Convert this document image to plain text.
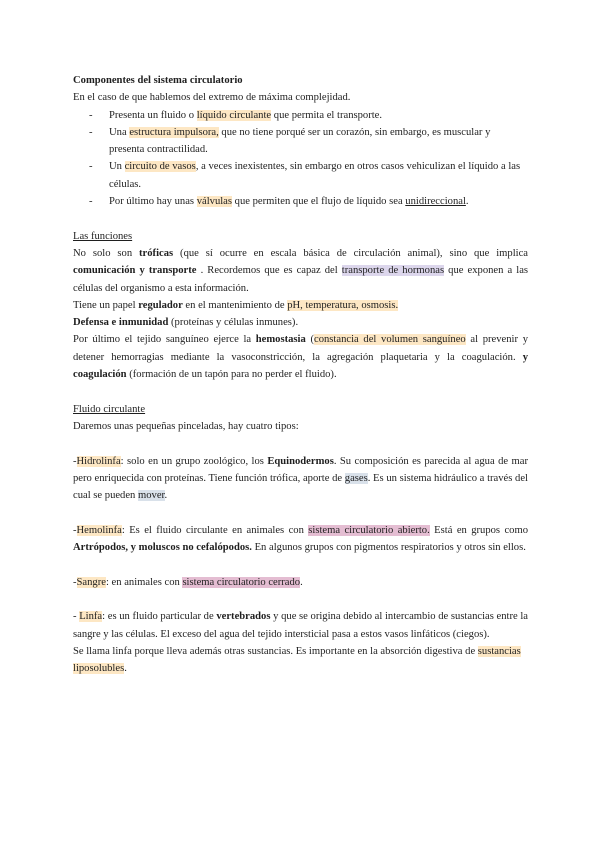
Componentes del sistema circulatorio

En el caso de que hablemos del extremo de máxima complejidad.

- Presenta un fluido o líquido circulante que permita el transporte.
- Una estructura impulsora, que no tiene porqué ser un corazón, sin embargo, es muscular y presenta contractilidad.
- Un circuito de vasos, a veces inexistentes, sin embargo en otros casos vehiculizan el líquido a las células.
- Por último hay unas válvulas que permiten que el flujo de líquido sea unidireccional.

Las funciones

No solo son tróficas (que sí ocurre en escala básica de circulación animal), sino que implica comunicación y transporte . Recordemos que es capaz del transporte de hormonas que exponen a las células del organismo a esta información.

Tiene un papel regulador en el mantenimiento de pH, temperatura, osmosis.

Defensa e inmunidad (proteínas y células inmunes).

Por último el tejido sanguíneo ejerce la hemostasia (constancia del volumen sanguíneo al prevenir y detener hemorragias mediante la vasoconstricción, la agregación plaquetaria y la coagulación. y coagulación (formación de un tapón para no perder el fluido).

Fluido circulante

Daremos unas pequeñas pinceladas, hay cuatro tipos:

-Hidrolinfa: solo en un grupo zoológico, los Equinodermos. Su composición es parecida al agua de mar pero enriquecida con proteínas. Tiene función trófica, aporte de gases. Es un sistema hidráulico a través del cual se pueden mover.

-Hemolinfa: Es el fluido circulante en animales con sistema circulatorio abierto. Está en grupos como Artrópodos, y moluscos no cefalópodos. En algunos grupos con pigmentos respiratorios y otros sin ellos.

-Sangre: en animales con sistema circulatorio cerrado.

- Linfa: es un fluido particular de vertebrados y que se origina debido al intercambio de sustancias entre la sangre y las células. El exceso del agua del tejido intersticial pasa a estos vasos linfáticos (ciegos).

Se llama linfa porque lleva además otras sustancias. Es importante en la absorción digestiva de sustancias liposolubles.
